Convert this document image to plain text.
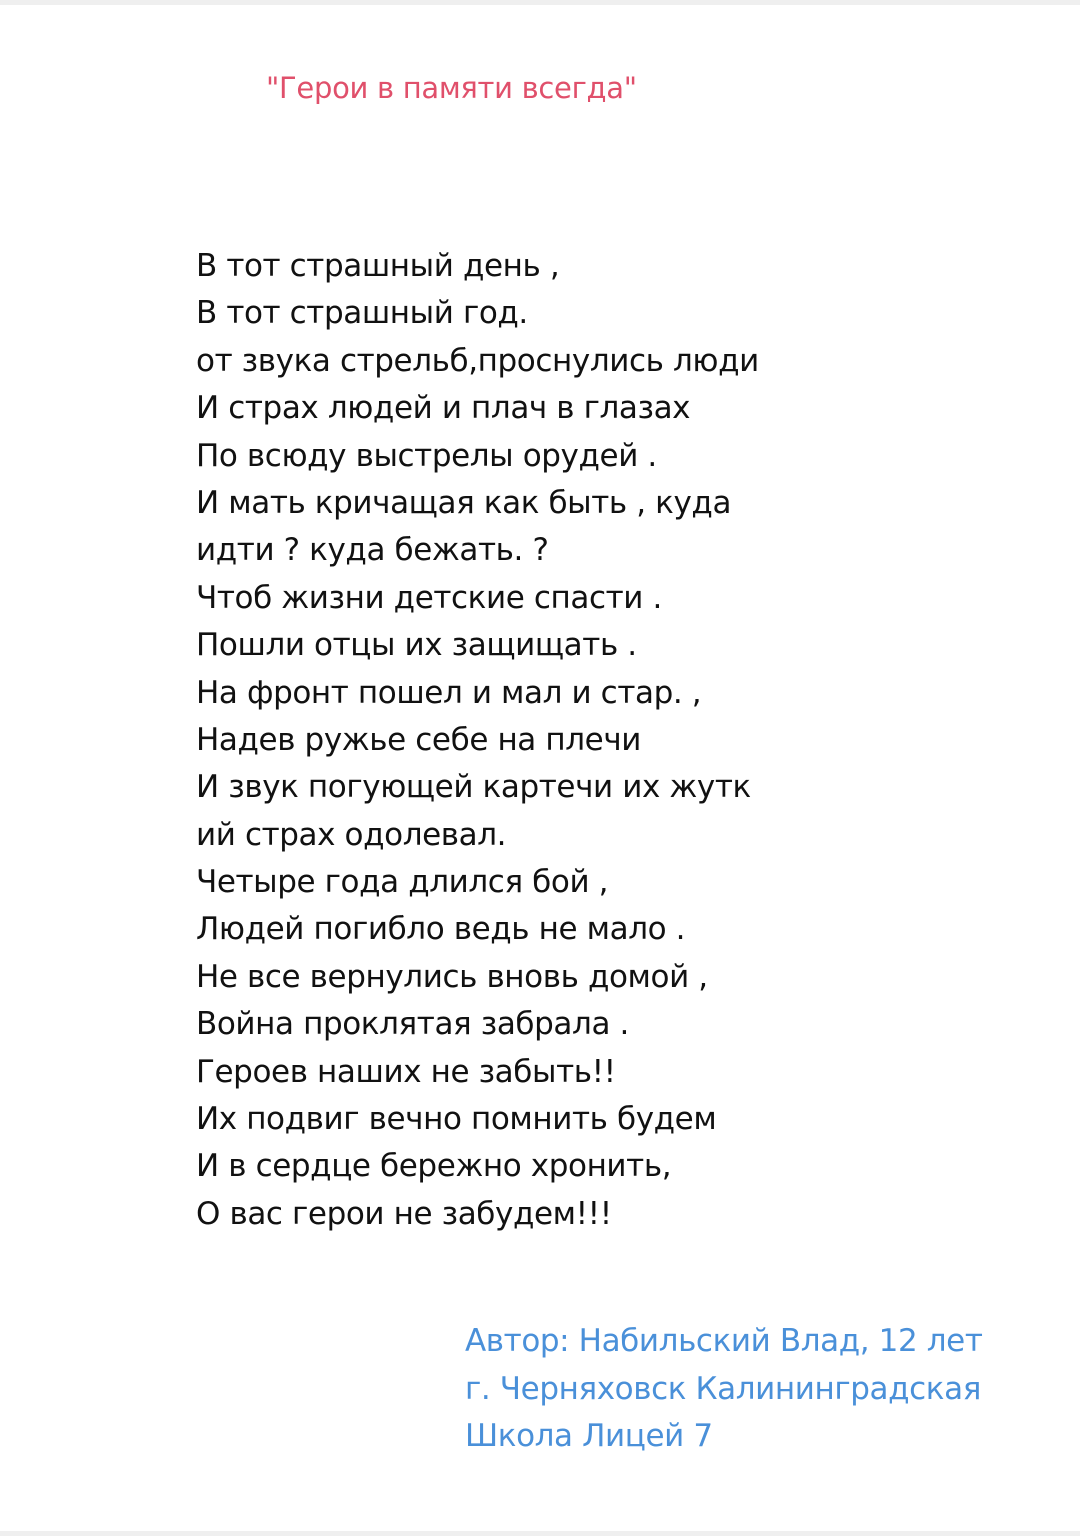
"Герои в памяти всегда"
В тот страшный день ,
В тот страшный год.
от звука стрельб,проснулись люди
И страх людей и плач в глазах
По всюду выстрелы орудей .
И мать кричащая как быть , куда
идти ? куда бежать. ?
Чтоб жизни детские спасти .
Пошли отцы их защищать .
На фронт пошел и мал и стар. ,
Надев ружье себе на плечи
И звук погующей картечи их жутк
ий страх одолевал.
Четыре года длился бой ,
Людей погибло ведь не мало .
Не все вернулись вновь домой ,
Война проклятая забрала .
Героев наших не забыть!!
Их подвиг вечно помнить будем
И в сердце бережно хронить,
О вас герои не забудем!!!
Автор: Набильский Влад, 12 лет
г. Черняховск Калининградская
Школа Лицей 7
